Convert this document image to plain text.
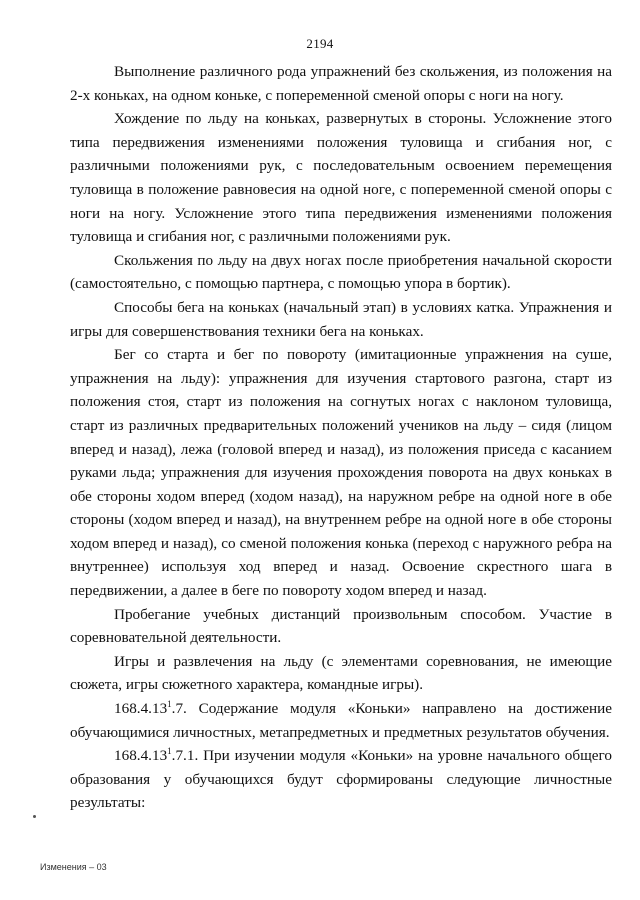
2194

Выполнение различного рода упражнений без скольжения, из положения на 2-х коньках, на одном коньке, с попеременной сменой опоры с ноги на ногу.

Хождение по льду на коньках, развернутых в стороны. Усложнение этого типа передвижения изменениями положения туловища и сгибания ног, с различными положениями рук, с последовательным освоением перемещения туловища в положение равновесия на одной ноге, с попеременной сменой опоры с ноги на ногу. Усложнение этого типа передвижения изменениями положения туловища и сгибания ног, с различными положениями рук.

Скольжения по льду на двух ногах после приобретения начальной скорости (самостоятельно, с помощью партнера, с помощью упора в бортик).

Способы бега на коньках (начальный этап) в условиях катка. Упражнения и игры для совершенствования техники бега на коньках.

Бег со старта и бег по повороту (имитационные упражнения на суше, упражнения на льду): упражнения для изучения стартового разгона, старт из положения стоя, старт из положения на согнутых ногах с наклоном туловища, старт из различных предварительных положений учеников на льду – сидя (лицом вперед и назад), лежа (головой вперед и назад), из положения приседа с касанием руками льда; упражнения для изучения прохождения поворота на двух коньках в обе стороны ходом вперед (ходом назад), на наружном ребре на одной ноге в обе стороны (ходом вперед и назад), на внутреннем ребре на одной ноге в обе стороны ходом вперед и назад), со сменой положения конька (переход с наружного ребра на внутреннее) используя ход вперед и назад. Освоение скрестного шага в передвижении, а далее в беге по повороту ходом вперед и назад.

Пробегание учебных дистанций произвольным способом. Участие в соревновательной деятельности.

Игры и развлечения на льду (с элементами соревнования, не имеющие сюжета, игры сюжетного характера, командные игры).

168.4.13$^1$.7. Содержание модуля «Коньки» направлено на достижение обучающимися личностных, метапредметных и предметных результатов обучения.

168.4.13$^1$.7.1. При изучении модуля «Коньки» на уровне начального общего образования у обучающихся будут сформированы следующие личностные результаты:

Изменения – 03
